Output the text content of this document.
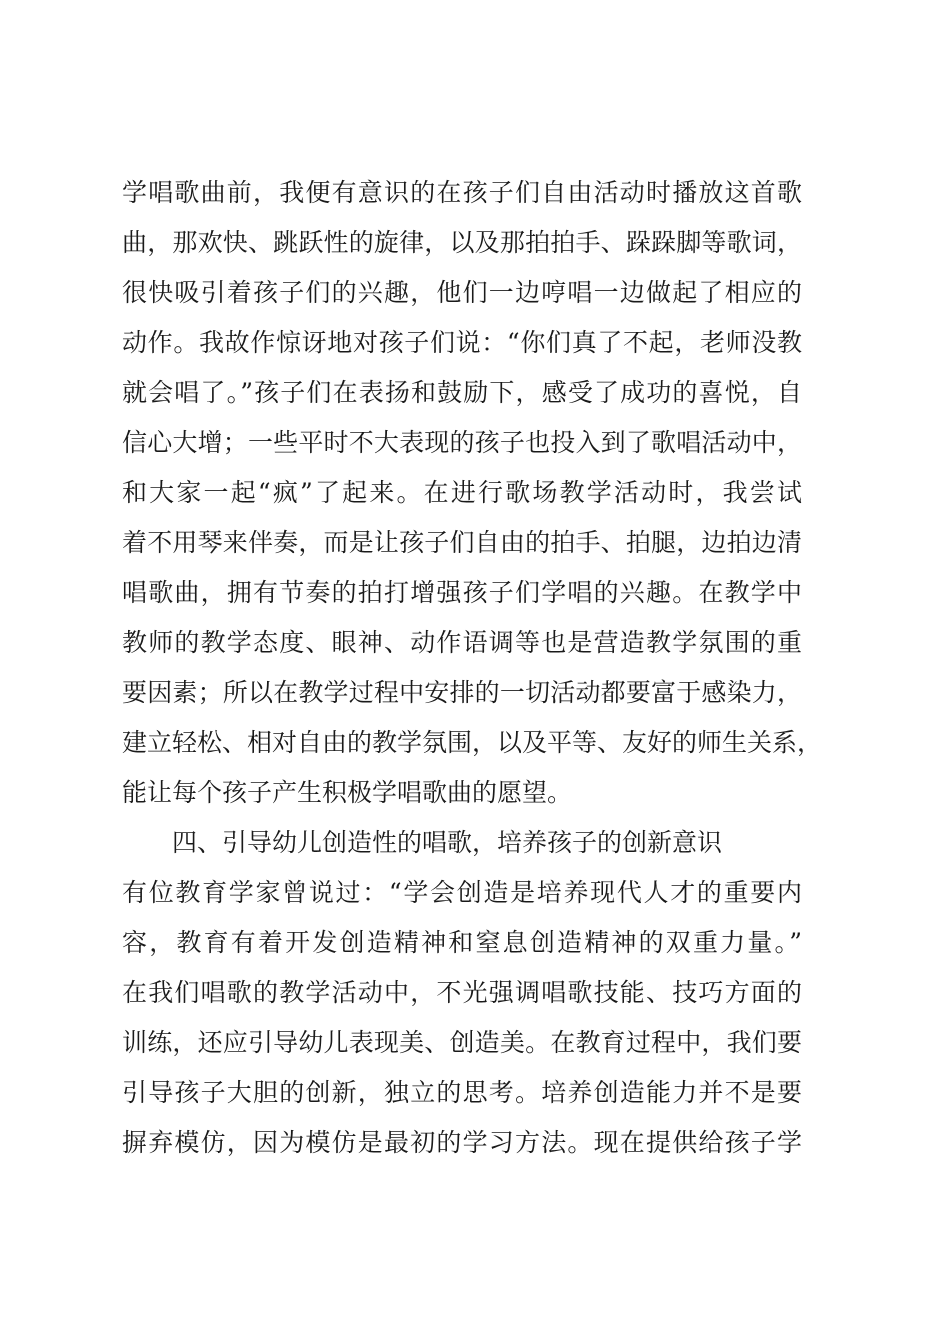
学唱歌曲前，我便有意识的在孩子们自由活动时播放这首歌
曲，那欢快、跳跃性的旋律，以及那拍拍手、跺跺脚等歌词，
很快吸引着孩子们的兴趣，他们一边哼唱一边做起了相应的
动作。我故作惊讶地对孩子们说：“你们真了不起，老师没教
就会唱了。”孩子们在表扬和鼓励下，感受了成功的喜悦，自
信心大增；一些平时不大表现的孩子也投入到了歌唱活动中，
和大家一起“疯”了起来。在进行歌场教学活动时，我尝试
着不用琴来伴奏，而是让孩子们自由的拍手、拍腿，边拍边清
唱歌曲，拥有节奏的拍打增强孩子们学唱的兴趣。在教学中
教师的教学态度、眼神、动作语调等也是营造教学氛围的重
要因素；所以在教学过程中安排的一切活动都要富于感染力，
建立轻松、相对自由的教学氛围，以及平等、友好的师生关系，
能让每个孩子产生积极学唱歌曲的愿望。
四、引导幼儿创造性的唱歌，培养孩子的创新意识
有位教育学家曾说过：“学会创造是培养现代人才的重要内
容，教育有着开发创造精神和窒息创造精神的双重力量。”
在我们唱歌的教学活动中，不光强调唱歌技能、技巧方面的
训练，还应引导幼儿表现美、创造美。在教育过程中，我们要
引导孩子大胆的创新，独立的思考。培养创造能力并不是要
摒弃模仿，因为模仿是最初的学习方法。现在提供给孩子学
